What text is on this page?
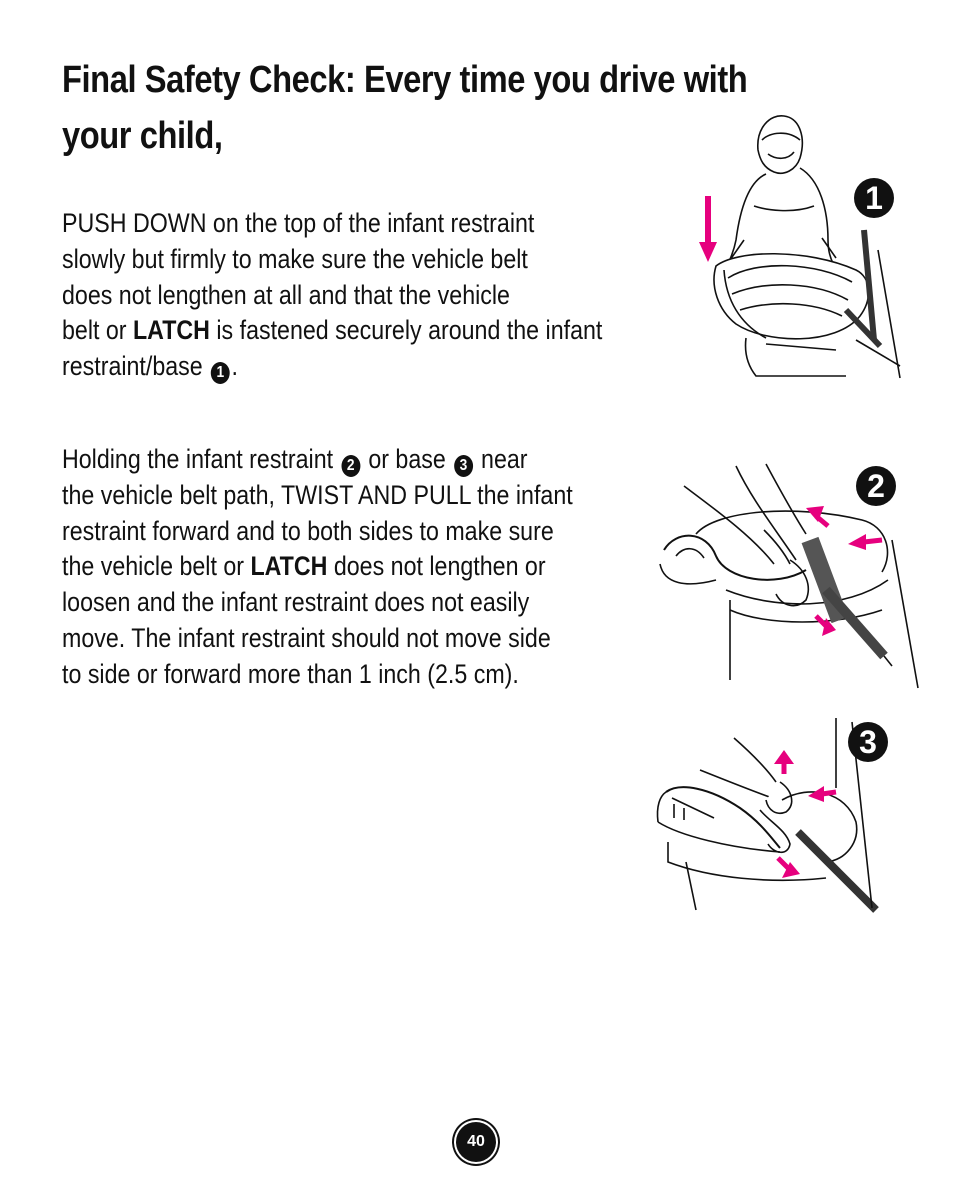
Final Safety Check: Every time you drive with your child,

PUSH DOWN on the top of the infant restraint
slowly but firmly to make sure the vehicle belt
does not lengthen at all and that the vehicle
belt or LATCH is fastened securely around the infant
restraint/base 1 .

Holding the infant restraint 2 or base 3 near
the vehicle belt path, TWIST AND PULL the infant
restraint forward and to both sides to make sure
the vehicle belt or LATCH does not lengthen or
loosen and the infant restraint does not easily
move. The infant restraint should not move side
to side or forward more than 1 inch (2.5 cm).

1
2
3
40
